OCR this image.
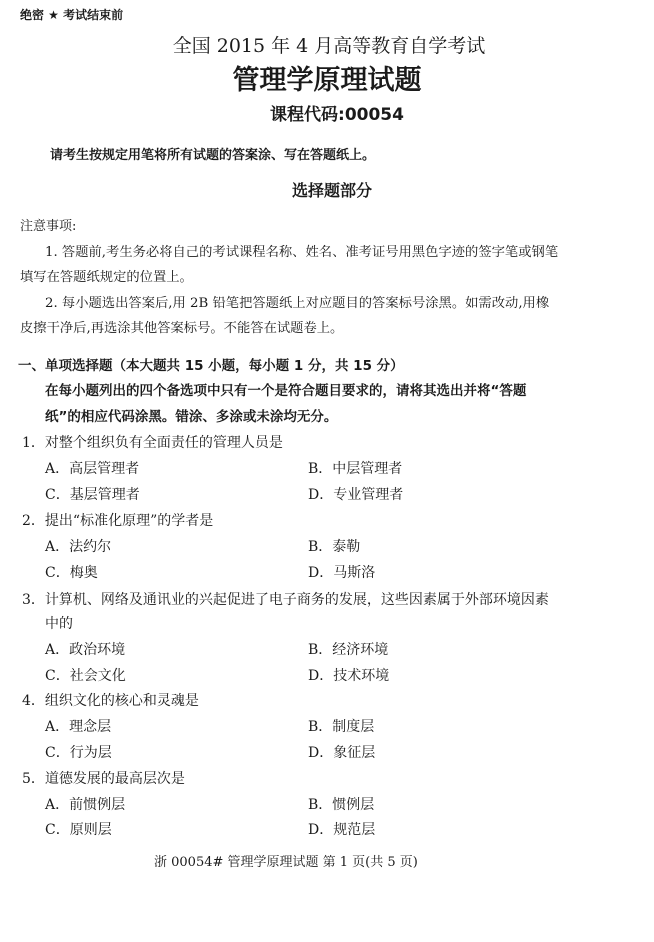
绝密 ★ 考试结束前
全国 2015 年 4 月高等教育自学考试
管理学原理试题
课程代码:00054
请考生按规定用笔将所有试题的答案涂、写在答题纸上。
选择题部分
注意事项:
1. 答题前,考生务必将自己的考试课程名称、姓名、准考证号用黑色字迹的签字笔或钢笔
填写在答题纸规定的位置上。
2. 每小题选出答案后,用 2B 铅笔把答题纸上对应题目的答案标号涂黑。如需改动,用橡
皮擦干净后,再选涂其他答案标号。不能答在试题卷上。
一、单项选择题（本大题共 15 小题，每小题 1 分，共 15 分）
在每小题列出的四个备选项中只有一个是符合题目要求的，请将其选出并将“答题
纸”的相应代码涂黑。错涂、多涂或未涂均无分。
1．对整个组织负有全面责任的管理人员是
A．高层管理者	B．中层管理者
C．基层管理者	D．专业管理者
2．提出“标准化原理”的学者是
A．法约尔	B．泰勒
C．梅奥	D．马斯洛
3．计算机、网络及通讯业的兴起促进了电子商务的发展，这些因素属于外部环境因素
中的
A．政治环境	B．经济环境
C．社会文化	D．技术环境
4．组织文化的核心和灵魂是
A．理念层	B．制度层
C．行为层	D．象征层
5．道德发展的最高层次是
A．前惯例层	B．惯例层
C．原则层	D．规范层
浙 00054# 管理学原理试题 第 1 页(共 5 页)
